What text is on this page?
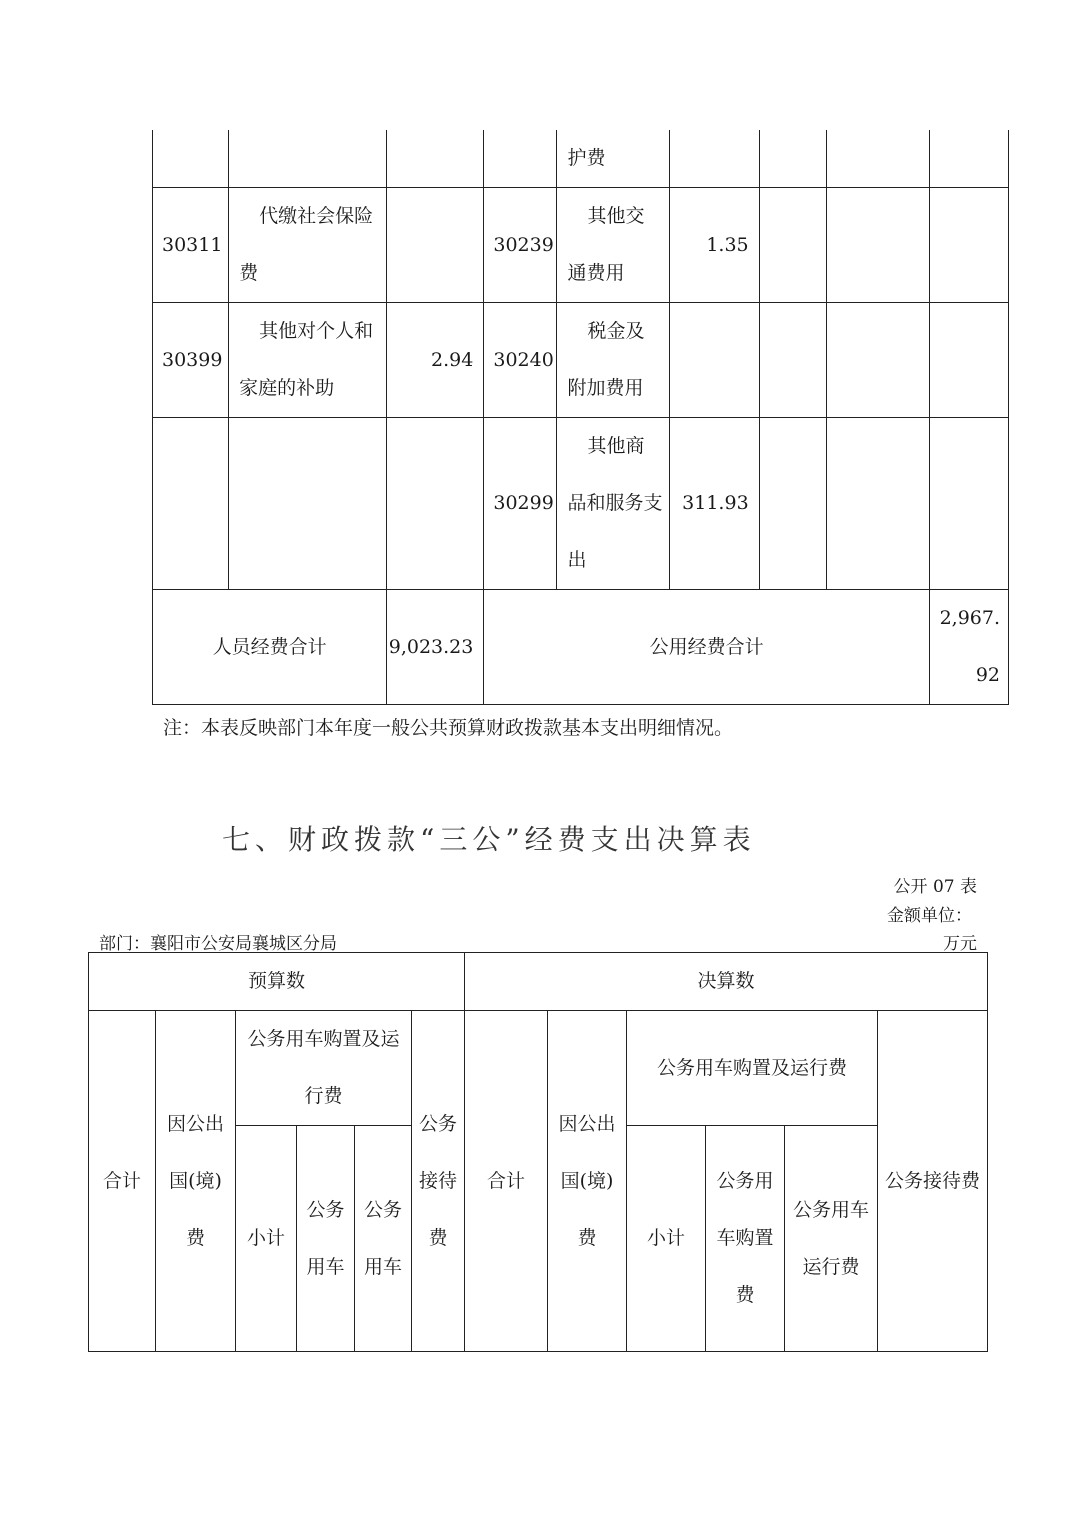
				护费				
30311	代缴社会保险费		30239	其他交通费用	1.35			
30399	其他对个人和家庭的补助	2.94	30240	税金及附加费用				
			30299	其他商品和服务支出	311.93			
人员经费合计		9,023.23	公用经费合计					2,967.92
注：本表反映部门本年度一般公共预算财政拨款基本支出明细情况。
七、财政拨款“三公”经费支出决算表
公开 07 表
金额单位：
部门：襄阳市公安局襄城区分局	万元
预算数						决算数					
合计	因公出国(境)费	公务用车购置及运行费			公务接待费	合计	因公出国(境)费	公务用车购置及运行费			公务接待费
		小计	公务用车	公务用车				小计	公务用车购置费	公务用车运行费	
